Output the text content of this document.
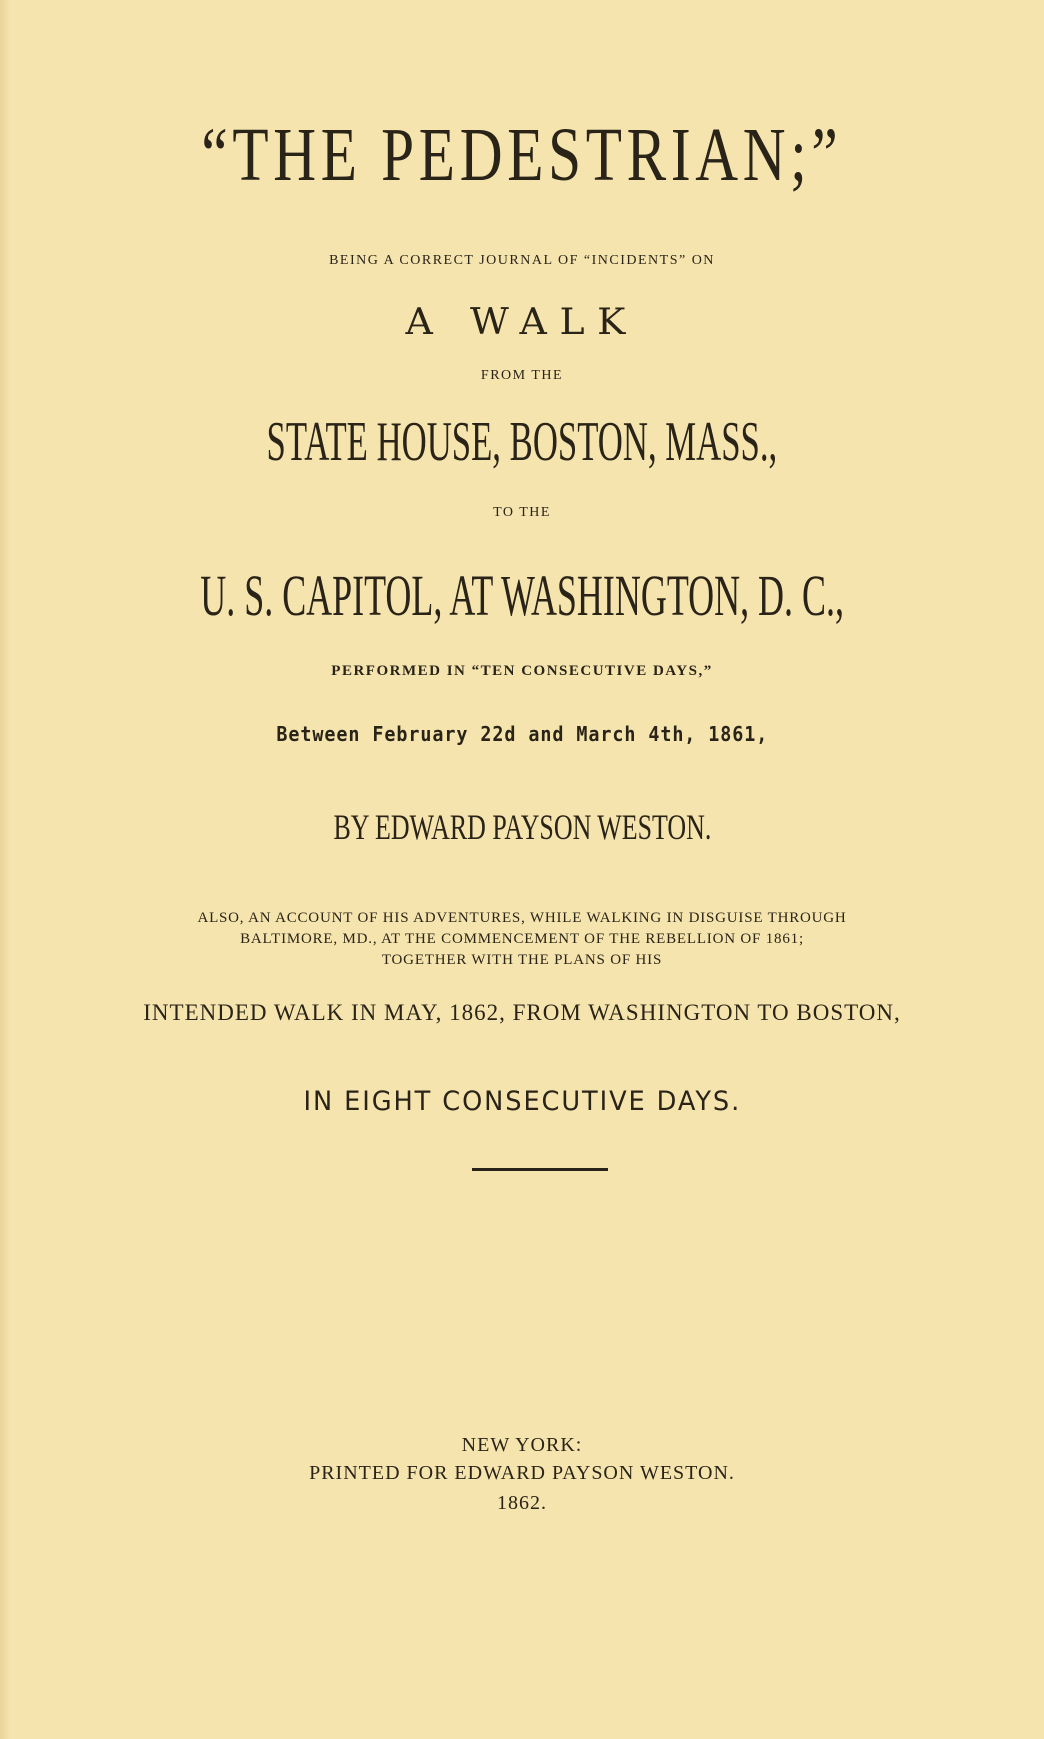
“THE PEDESTRIAN;”
BEING A CORRECT JOURNAL OF “INCIDENTS” ON
A WALK
FROM THE
STATE HOUSE, BOSTON, MASS.,
TO THE
U. S. CAPITOL, AT WASHINGTON, D. C.,
PERFORMED IN “TEN CONSECUTIVE DAYS,”
Between February 22d and March 4th, 1861,
BY EDWARD PAYSON WESTON.
ALSO, AN ACCOUNT OF HIS ADVENTURES, WHILE WALKING IN DISGUISE THROUGH
BALTIMORE, MD., AT THE COMMENCEMENT OF THE REBELLION OF 1861;
TOGETHER WITH THE PLANS OF HIS
INTENDED WALK IN MAY, 1862, FROM WASHINGTON TO BOSTON,
IN EIGHT CONSECUTIVE DAYS.
NEW YORK:
PRINTED FOR EDWARD PAYSON WESTON.
1862.
